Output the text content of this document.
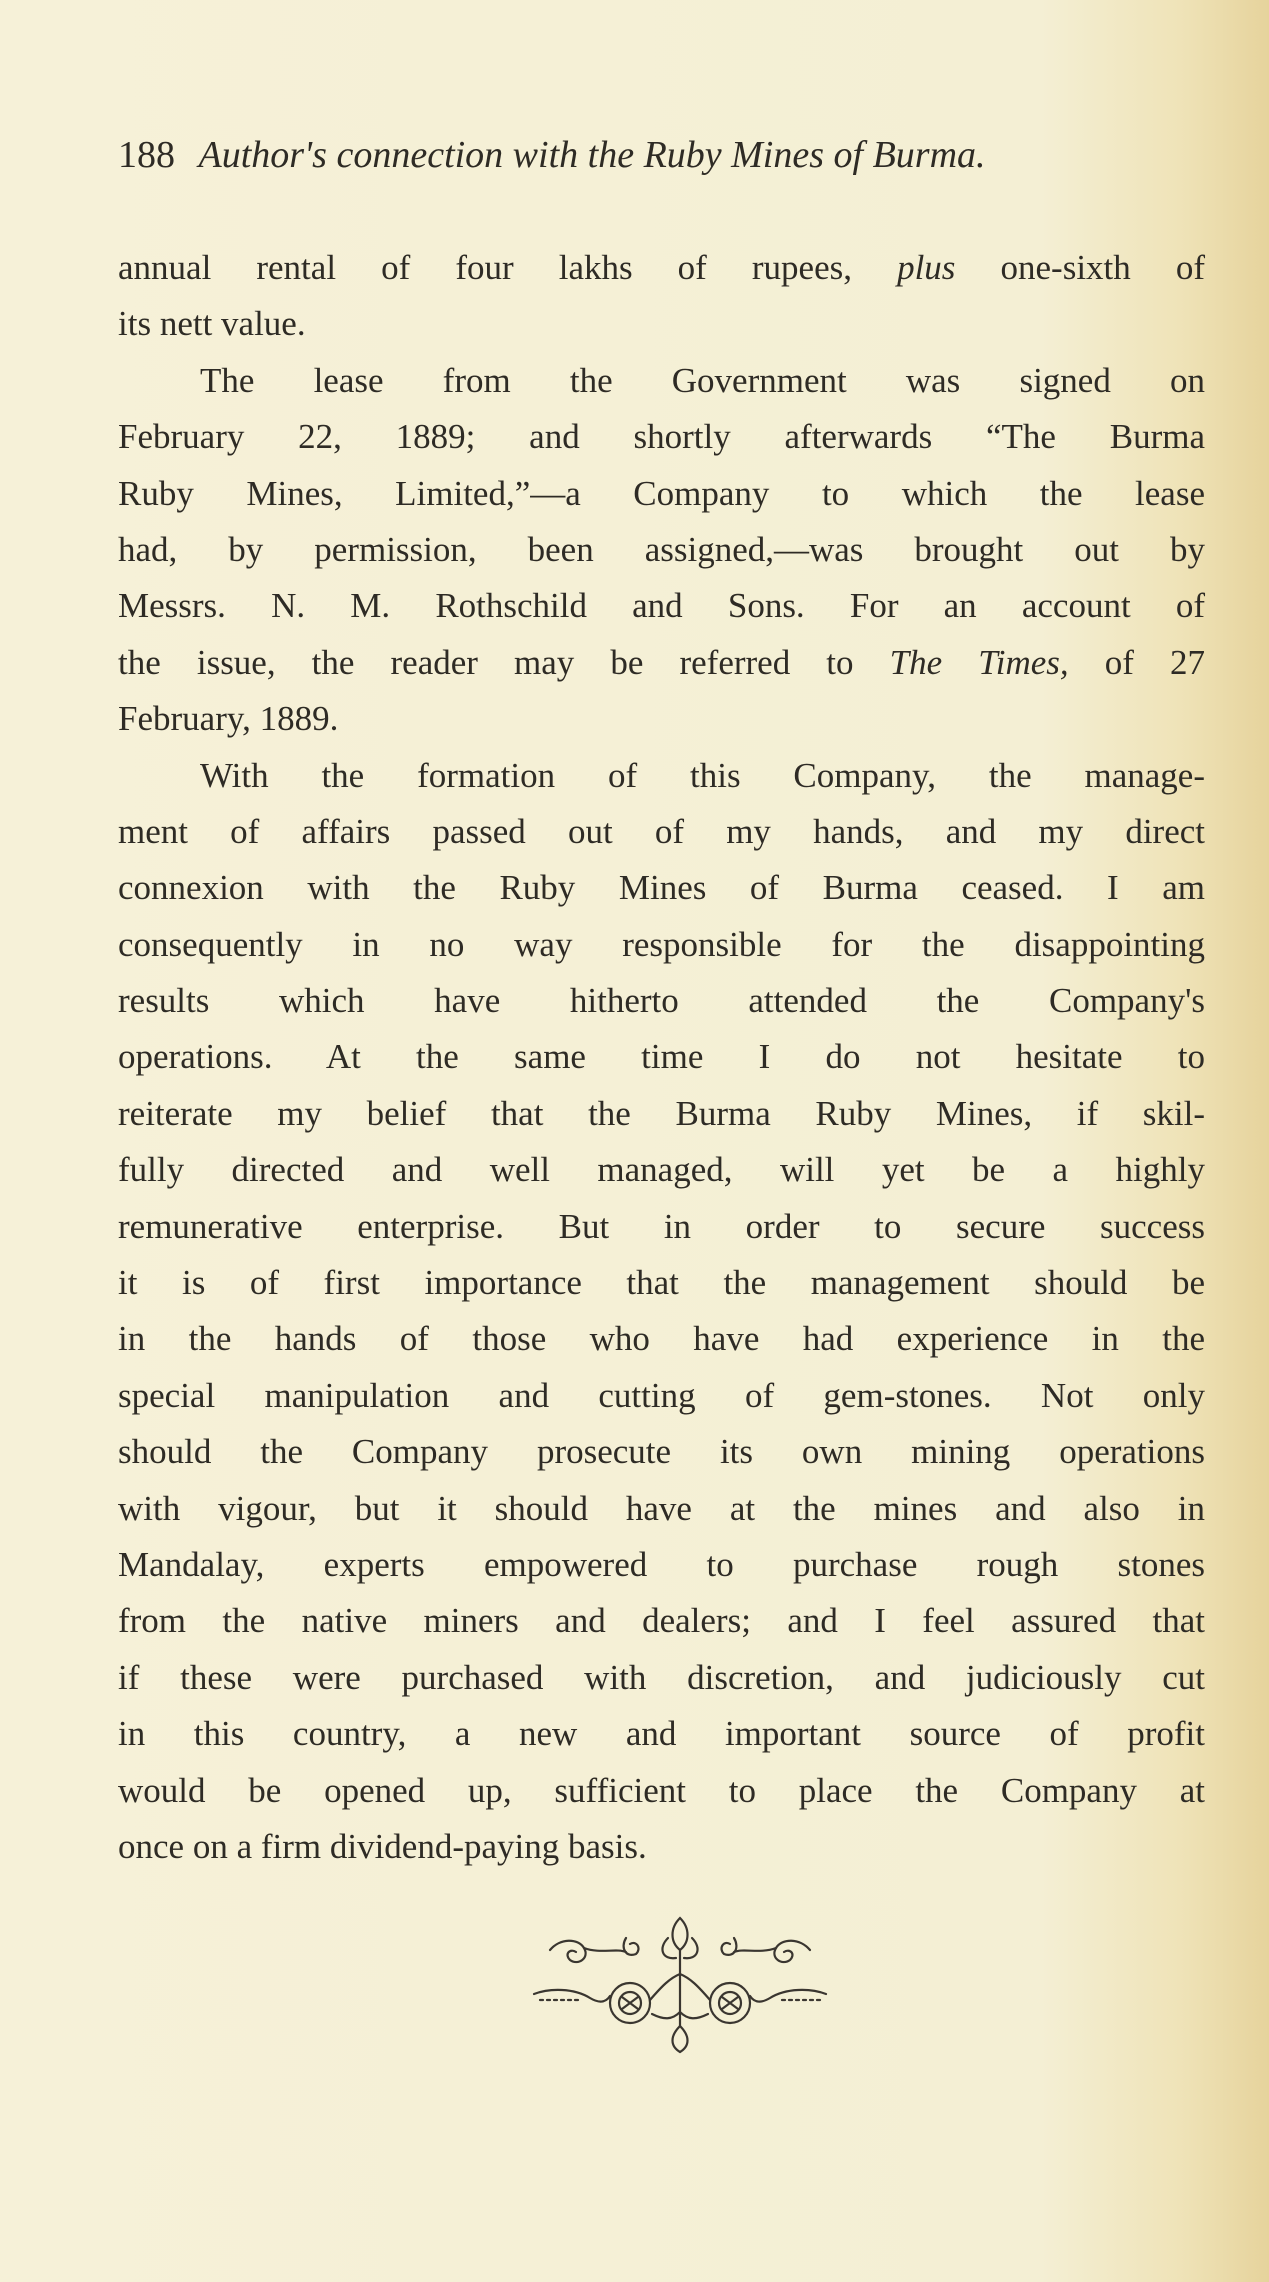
188 Author's connection with the Ruby Mines of Burma.
annual rental of four lakhs of rupees, plus one-sixth of
its nett value.
The lease from the Government was signed on
February 22, 1889; and shortly afterwards “The Burma
Ruby Mines, Limited,”—a Company to which the lease
had, by permission, been assigned,—was brought out by
Messrs. N. M. Rothschild and Sons. For an account of
the issue, the reader may be referred to The Times, of 27
February, 1889.
With the formation of this Company, the manage-
ment of affairs passed out of my hands, and my direct
connexion with the Ruby Mines of Burma ceased. I am
consequently in no way responsible for the disappointing
results which have hitherto attended the Company's
operations. At the same time I do not hesitate to
reiterate my belief that the Burma Ruby Mines, if skil-
fully directed and well managed, will yet be a highly
remunerative enterprise. But in order to secure success
it is of first importance that the management should be
in the hands of those who have had experience in the
special manipulation and cutting of gem-stones. Not only
should the Company prosecute its own mining operations
with vigour, but it should have at the mines and also in
Mandalay, experts empowered to purchase rough stones
from the native miners and dealers; and I feel assured that
if these were purchased with discretion, and judiciously cut
in this country, a new and important source of profit
would be opened up, sufficient to place the Company at
once on a firm dividend-paying basis.
